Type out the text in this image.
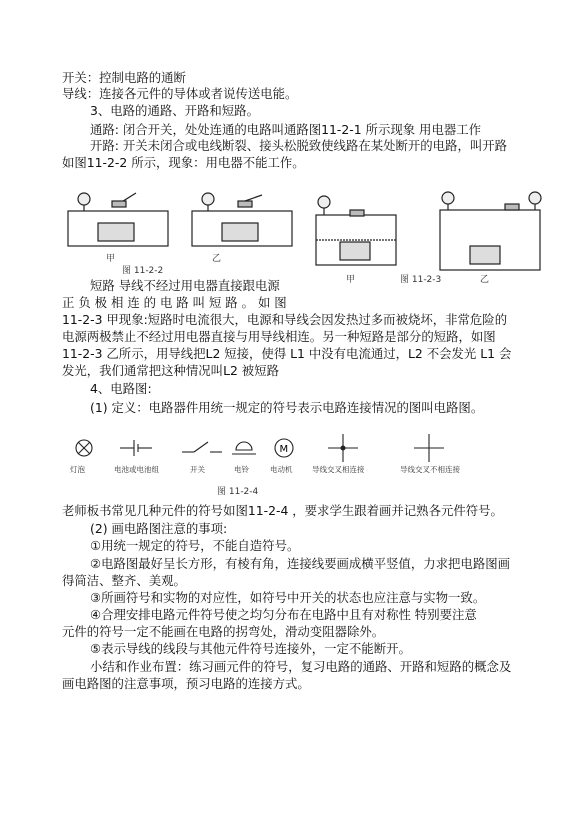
开关：控制电路的通断
导线：连接各元件的导体或者说传送电能。
3、电路的通路、开路和短路。
通路: 闭合开关，处处连通的电路叫通路图11-2-1 所示现象 用电器工作
开路: 开关未闭合或电线断裂、接头松脱致使线路在某处断开的电路，叫开路
如图11-2-2 所示，现象：用电器不能工作。
短路 导线不经过用电器直接跟电源
正 负 极 相 连 的 电 路 叫 短 路 。 如 图
11-2-3 甲现象:短路时电流很大，电源和导线会因发热过多而被烧坏，非常危险的
电源两极禁止不经过用电器直接与用导线相连。另一种短路是部分的短路，如图
11-2-3 乙所示，用导线把L2 短接，使得 L1 中没有电流通过，L2 不会发光 L1 会
发光，我们通常把这种情况叫L2 被短路
4、电路图:
(1) 定义：电路器件用统一规定的符号表示电路连接情况的图叫电路图。
老师板书常见几种元件的符号如图11-2-4 ，要求学生跟着画并记熟各元件符号。
(2) 画电路图注意的事项:
①用统一规定的符号，不能自造符号。
②电路图最好呈长方形，有棱有角，连接线要画成横平竖值，力求把电路图画
得简洁、整齐、美观。
③所画符号和实物的对应性，如符号中开关的状态也应注意与实物一致。
④合理安排电路元件符号使之均匀分布在电路中且有对称性 特别要注意
元件的符号一定不能画在电路的拐弯处，滑动变阻器除外。
⑤表示导线的线段与其他元件符号连接外，一定不能断开。
小结和作业布置：练习画元件的符号，复习电路的通路、开路和短路的概念及
画电路图的注意事项，预习电路的连接方式。
甲	乙
图 11-2-2
甲	图 11-2-3	乙
M
灯泡	电池或电池组	开关	电铃	电动机	导线交叉相连接	导线交叉不相连接
图 11-2-4
